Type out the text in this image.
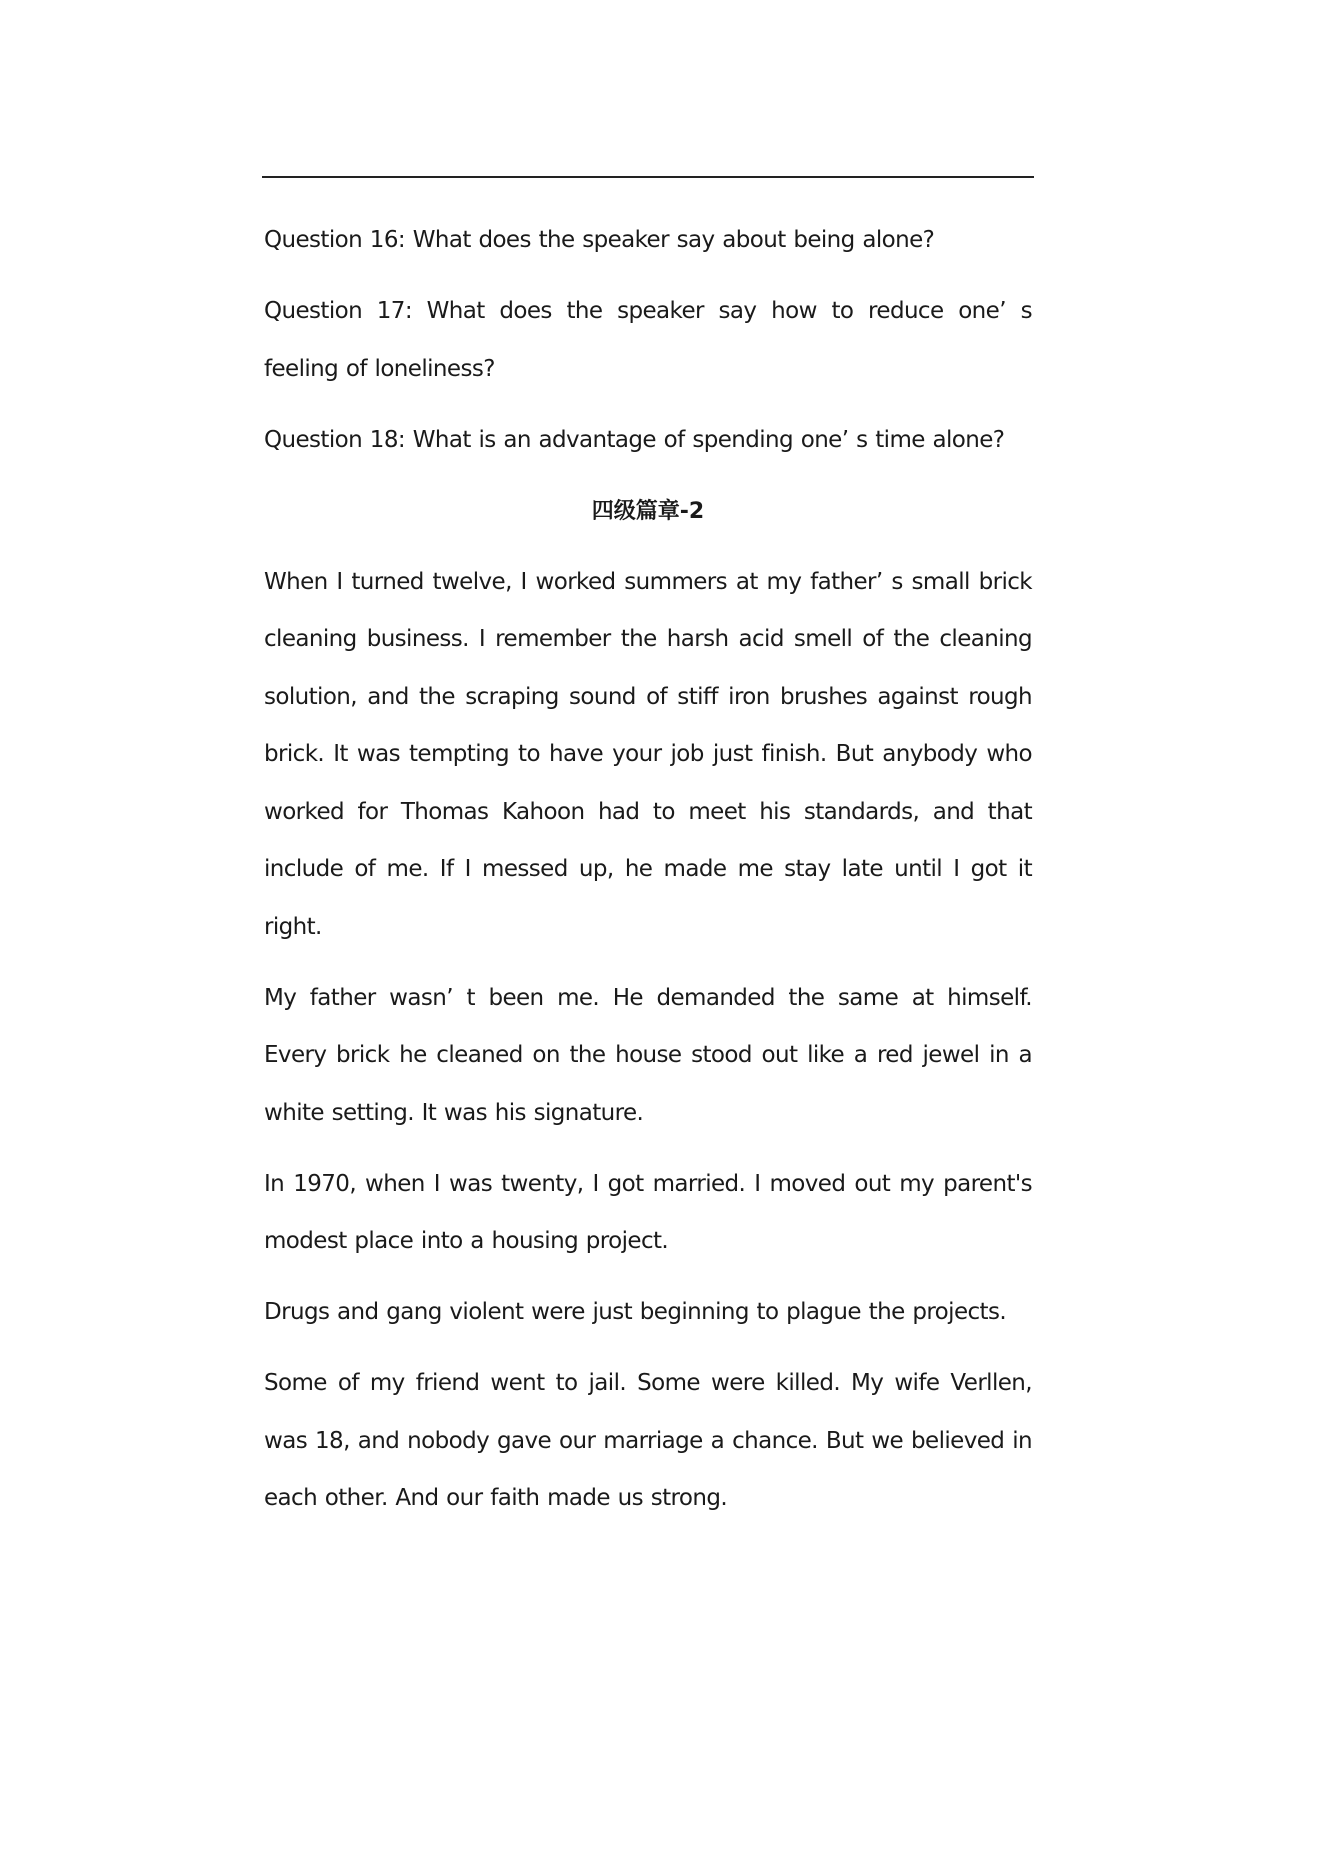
Question 16: What does the speaker say about being alone?

Question 17: What does the speaker say how to reduce one’ s feeling of loneliness?

Question 18: What is an advantage of spending one’ s time alone?

四级篇章-2

When I turned twelve, I worked summers at my father’ s small brick cleaning business. I remember the harsh acid smell of the cleaning solution, and the scraping sound of stiff iron brushes against rough brick. It was tempting to have your job just finish. But anybody who worked for Thomas Kahoon had to meet his standards, and that include of me. If I messed up, he made me stay late until I got it right.

My father wasn’ t been me. He demanded the same at himself. Every brick he cleaned on the house stood out like a red jewel in a white setting. It was his signature.

In 1970, when I was twenty, I got married. I moved out my parent's modest place into a housing project.

Drugs and gang violent were just beginning to plague the projects.

Some of my friend went to jail. Some were killed. My wife Verllen, was 18, and nobody gave our marriage a chance. But we believed in each other. And our faith made us strong.
